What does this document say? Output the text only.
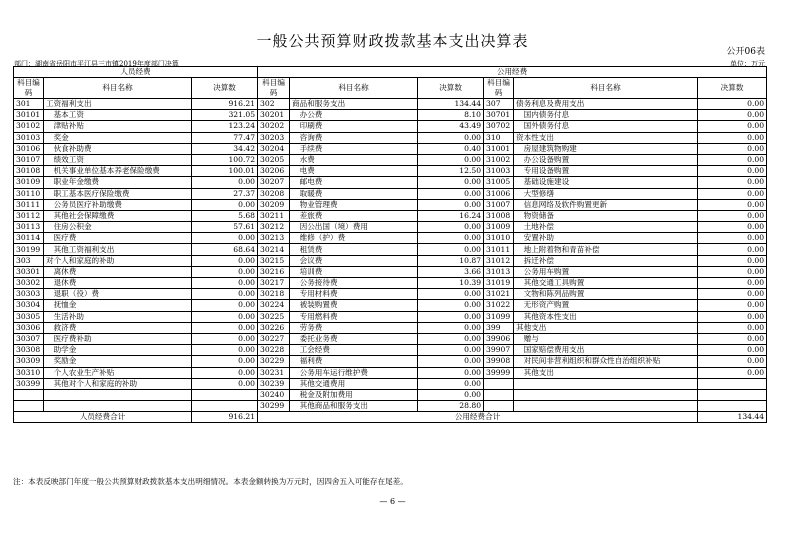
一般公共预算财政拨款基本支出决算表
公开06表
部门：湖南省岳阳市平江县三市镇2019年度部门决算	单位：万元
人员经费			公用经费					
科目编码	科目名称	决算数	科目编码	科目名称	决算数	科目编码	科目名称	决算数
301	工资福利支出	916.21	302	商品和服务支出	134.44	307	债务利息及费用支出	0.00
30101	　基本工资	321.05	30201	　办公费	8.10	30701	　国内债务付息	0.00
30102	　津贴补贴	123.24	30202	　印刷费	43.49	30702	　国外债务付息	0.00
30103	　奖金	77.47	30203	　咨询费	0.00	310	资本性支出	0.00
30106	　伙食补助费	34.42	30204	　手续费	0.40	31001	　房屋建筑物购建	0.00
30107	　绩效工资	100.72	30205	　水费	0.00	31002	　办公设备购置	0.00
30108	　机关事业单位基本养老保险缴费	100.01	30206	　电费	12.50	31003	　专用设备购置	0.00
30109	　职业年金缴费	0.00	30207	　邮电费	0.00	31005	　基础设施建设	0.00
30110	　职工基本医疗保险缴费	27.37	30208	　取暖费	0.00	31006	　大型修缮	0.00
30111	　公务员医疗补助缴费	0.00	30209	　物业管理费	0.00	31007	　信息网络及软件购置更新	0.00
30112	　其他社会保障缴费	5.68	30211	　差旅费	16.24	31008	　物资储备	0.00
30113	　住房公积金	57.61	30212	　因公出国（境）费用	0.00	31009	　土地补偿	0.00
30114	　医疗费	0.00	30213	　维修（护）费	0.00	31010	　安置补助	0.00
30199	　其他工资福利支出	68.64	30214	　租赁费	0.00	31011	　地上附着物和青苗补偿	0.00
303	对个人和家庭的补助	0.00	30215	　会议费	10.87	31012	　拆迁补偿	0.00
30301	　离休费	0.00	30216	　培训费	3.66	31013	　公务用车购置	0.00
30302	　退休费	0.00	30217	　公务接待费	10.39	31019	　其他交通工具购置	0.00
30303	　退职（役）费	0.00	30218	　专用材料费	0.00	31021	　文物和陈列品购置	0.00
30304	　抚恤金	0.00	30224	　被装购置费	0.00	31022	　无形资产购置	0.00
30305	　生活补助	0.00	30225	　专用燃料费	0.00	31099	　其他资本性支出	0.00
30306	　救济费	0.00	30226	　劳务费	0.00	399	其他支出	0.00
30307	　医疗费补助	0.00	30227	　委托业务费	0.00	39906	　赠与	0.00
30308	　助学金	0.00	30228	　工会经费	0.00	39907	　国家赔偿费用支出	0.00
30309	　奖励金	0.00	30229	　福利费	0.00	39908	　对民间非营利组织和群众性自治组织补贴	0.00
30310	　个人农业生产补贴	0.00	30231	　公务用车运行维护费	0.00	39999	　其他支出	0.00
30399	　其他对个人和家庭的补助	0.00	30239	　其他交通费用	0.00			
			30240	　税金及附加费用	0.00			
			30299	　其他商品和服务支出	28.80			
人员经费合计		916.21	公用经费合计					134.44
注：本表反映部门年度一般公共预算财政拨款基本支出明细情况。本表金额转换为万元时，因四舍五入可能存在尾差。
— 6 —
